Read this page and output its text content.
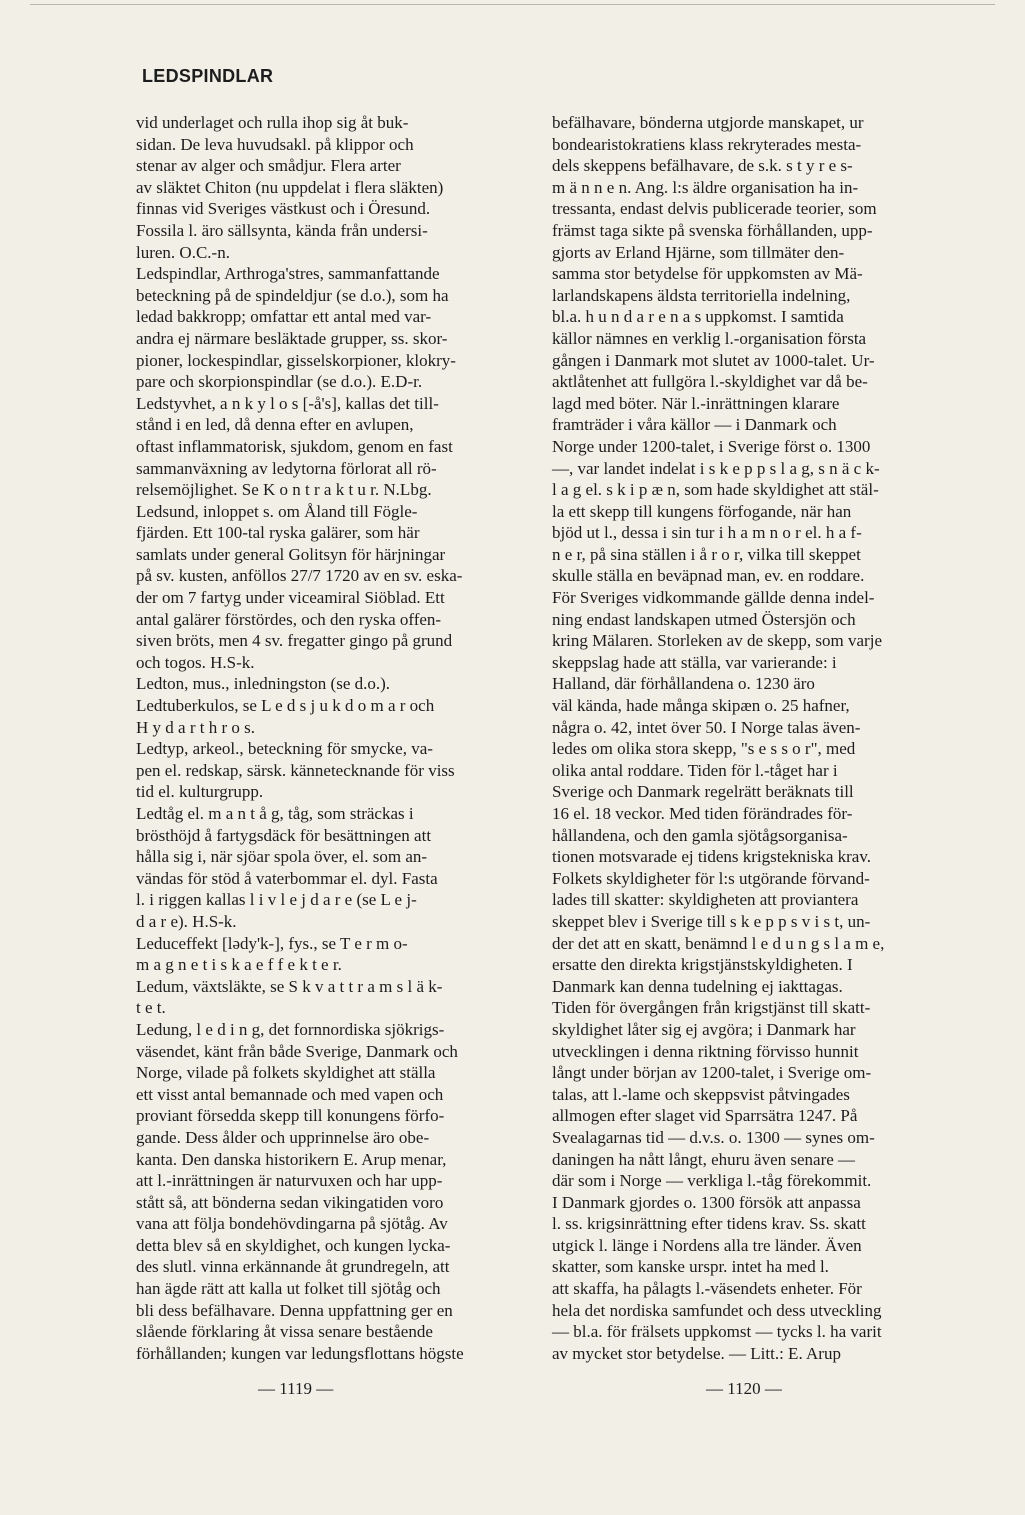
LEDSPINDLAR
vid underlaget och rulla ihop sig åt buk-
sidan. De leva huvudsakl. på klippor och
stenar av alger och smådjur. Flera arter
av släktet Chiton (nu uppdelat i flera släkten)
finnas vid Sveriges västkust och i Öresund.
Fossila l. äro sällsynta, kända från undersi-
luren. O.C.-n.
Ledspindlar, Arthroga'stres, sammanfattande
beteckning på de spindeldjur (se d.o.), som ha
ledad bakkropp; omfattar ett antal med var-
andra ej närmare besläktade grupper, ss. skor-
pioner, lockespindlar, gisselskorpioner, klokry-
pare och skorpionspindlar (se d.o.). E.D-r.
Ledstyvhet, a n k y l o s [-å's], kallas det till-
stånd i en led, då denna efter en avlupen,
oftast inflammatorisk, sjukdom, genom en fast
sammanväxning av ledytorna förlorat all rö-
relsemöjlighet. Se K o n t r a k t u r. N.Lbg.
Ledsund, inloppet s. om Åland till Fögle-
fjärden. Ett 100-tal ryska galärer, som här
samlats under general Golitsyn för härjningar
på sv. kusten, anföllos 27/7 1720 av en sv. eska-
der om 7 fartyg under viceamiral Siöblad. Ett
antal galärer förstördes, och den ryska offen-
siven bröts, men 4 sv. fregatter gingo på grund
och togos. H.S-k.
Ledton, mus., inledningston (se d.o.).
Ledtuberkulos, se L e d s j u k d o m a r och
H y d a r t h r o s.
Ledtyp, arkeol., beteckning för smycke, va-
pen el. redskap, särsk. kännetecknande för viss
tid el. kulturgrupp.
Ledtåg el. m a n t å g, tåg, som sträckas i
brösthöjd å fartygsdäck för besättningen att
hålla sig i, när sjöar spola över, el. som an-
vändas för stöd å vaterbommar el. dyl. Fasta
l. i riggen kallas l i v l e j d a r e (se L e j-
d a r e). H.S-k.
Leduceffekt [lədy'k-], fys., se T e r m o-
m a g n e t i s k a e f f e k t e r.
Ledum, växtsläkte, se S k v a t t r a m s l ä k-
t e t.
Ledung, l e d i n g, det fornnordiska sjökrigs-
väsendet, känt från både Sverige, Danmark och
Norge, vilade på folkets skyldighet att ställa
ett visst antal bemannade och med vapen och
proviant försedda skepp till konungens förfo-
gande. Dess ålder och upprinnelse äro obe-
kanta. Den danska historikern E. Arup menar,
att l.-inrättningen är naturvuxen och har upp-
stått så, att bönderna sedan vikingatiden voro
vana att följa bondehövdingarna på sjötåg. Av
detta blev så en skyldighet, och kungen lycka-
des slutl. vinna erkännande åt grundregeln, att
han ägde rätt att kalla ut folket till sjötåg och
bli dess befälhavare. Denna uppfattning ger en
slående förklaring åt vissa senare bestående
förhållanden; kungen var ledungsflottans högste
befälhavare, bönderna utgjorde manskapet, ur
bondearistokratiens klass rekryterades mesta-
dels skeppens befälhavare, de s.k. s t y r e s-
m ä n n e n. Ang. l:s äldre organisation ha in-
tressanta, endast delvis publicerade teorier, som
främst taga sikte på svenska förhållanden, upp-
gjorts av Erland Hjärne, som tillmäter den-
samma stor betydelse för uppkomsten av Mä-
larlandskapens äldsta territoriella indelning,
bl.a. h u n d a r e n a s uppkomst. I samtida
källor nämnes en verklig l.-organisation första
gången i Danmark mot slutet av 1000-talet. Ur-
aktlåtenhet att fullgöra l.-skyldighet var då be-
lagd med böter. När l.-inrättningen klarare
framträder i våra källor — i Danmark och
Norge under 1200-talet, i Sverige först o. 1300
—, var landet indelat i s k e p p s l a g, s n ä c k-
l a g el. s k i p æ n, som hade skyldighet att stäl-
la ett skepp till kungens förfogande, när han
bjöd ut l., dessa i sin tur i h a m n o r el. h a f-
n e r, på sina ställen i å r o r, vilka till skeppet
skulle ställa en beväpnad man, ev. en roddare.
För Sveriges vidkommande gällde denna indel-
ning endast landskapen utmed Östersjön och
kring Mälaren. Storleken av de skepp, som varje
skeppslag hade att ställa, var varierande: i
Halland, där förhållandena o. 1230 äro
väl kända, hade många skipæn o. 25 hafner,
några o. 42, intet över 50. I Norge talas även-
ledes om olika stora skepp, "s e s s o r", med
olika antal roddare. Tiden för l.-tåget har i
Sverige och Danmark regelrätt beräknats till
16 el. 18 veckor. Med tiden förändrades för-
hållandena, och den gamla sjötågsorganisa-
tionen motsvarade ej tidens krigstekniska krav.
Folkets skyldigheter för l:s utgörande förvand-
lades till skatter: skyldigheten att proviantera
skeppet blev i Sverige till s k e p p s v i s t, un-
der det att en skatt, benämnd l e d u n g s l a m e,
ersatte den direkta krigstjänstskyldigheten. I
Danmark kan denna tudelning ej iakttagas.
Tiden för övergången från krigstjänst till skatt-
skyldighet låter sig ej avgöra; i Danmark har
utvecklingen i denna riktning förvisso hunnit
långt under början av 1200-talet, i Sverige om-
talas, att l.-lame och skeppsvist påtvingades
allmogen efter slaget vid Sparrsätra 1247. På
Svealagarnas tid — d.v.s. o. 1300 — synes om-
daningen ha nått långt, ehuru även senare —
där som i Norge — verkliga l.-tåg förekommit.
I Danmark gjordes o. 1300 försök att anpassa
l. ss. krigsinrättning efter tidens krav. Ss. skatt
utgick l. länge i Nordens alla tre länder. Även
skatter, som kanske urspr. intet ha med l.
att skaffa, ha pålagts l.-väsendets enheter. För
hela det nordiska samfundet och dess utveckling
— bl.a. för frälsets uppkomst — tycks l. ha varit
av mycket stor betydelse. — Litt.: E. Arup
— 1119 —	— 1120 —
